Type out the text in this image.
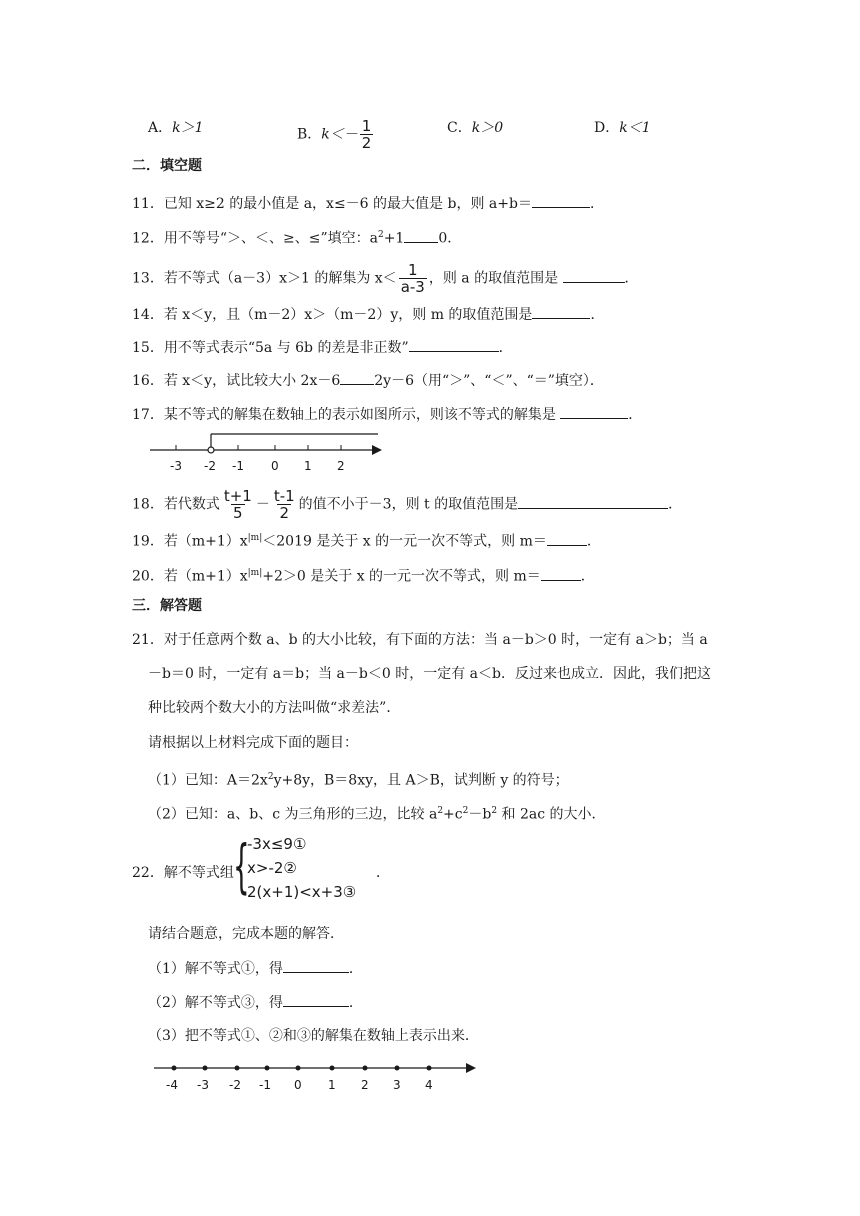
A．k＞1	B．$k<- \frac{1}{2}$	C．k＞0	D．k＜1
二．填空题
11．已知 x≥2 的最小值是 a，x≤－6 的最大值是 b，则 a+b＝	．
12．用不等号“＞、＜、≥、≤”填空：$a^2+1$ 0．
13．若不等式（a－3）x＞1 的解集为 $x< \frac{1}{a-3}$ ，则 a 的取值范围是	．
14．若 x＜y，且（m－2）x＞（m－2）y，则 m 的取值范围是	．
15．用不等式表示“5a 与 6b 的差是非正数”	．
16．若 x＜y，试比较大小 2x－6 2y－6（用“＞”、“＜”、“＝”填空）．
17．某不等式的解集在数轴上的表示如图所示，则该不等式的解集是	．
-3 -2 -1 0 1 2
18．若代数式 $\frac{t+1}{5} - \frac{t-1}{2}$ 的值不小于－3，则 t 的取值范围是	．
19．若$(m+1)x^{|m|}<2019$ 是关于 x 的一元一次不等式，则 m＝	．
20．若$(m+1)x^{|m|}+2>0$ 是关于 x 的一元一次不等式，则 m＝	．
三．解答题
21．对于任意两个数 a、b 的大小比较，有下面的方法：当 a－b＞0 时，一定有 a＞b；当 a
－b＝0 时，一定有 a＝b；当 a－b＜0 时，一定有 a＜b．反过来也成立．因此，我们把这
种比较两个数大小的方法叫做“求差法”．
请根据以上材料完成下面的题目：
（1）已知：$A=2x^2y+8y$，B＝8xy，且 A＞B，试判断 y 的符号；
（2）已知：a、b、c 为三角形的三边，比较 $a^2+c^2-b^2$ 和 2ac 的大小．
22．解不等式组 {
-3x≤9①
x>-2②
2(x+1)<x+3③
．
请结合题意，完成本题的解答．
（1）解不等式①，得	．
（2）解不等式③，得	．
（3）把不等式①、②和③的解集在数轴上表示出来．
-4 -3 -2 -1 0 1 2 3 4
